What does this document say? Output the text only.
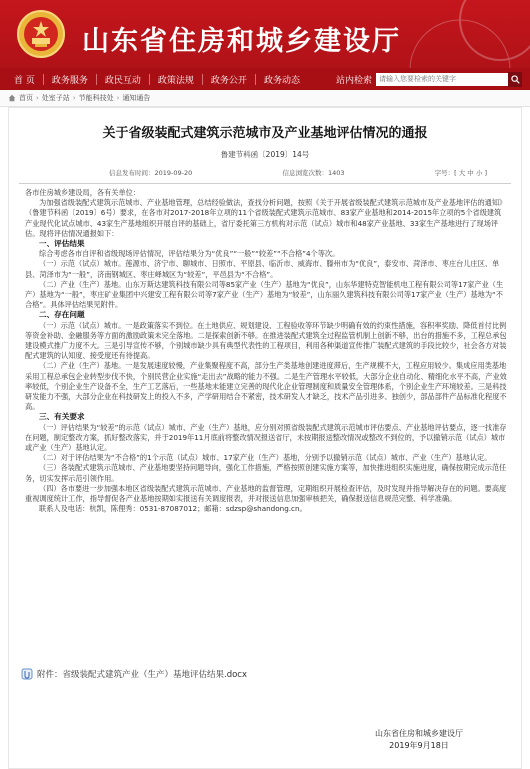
山东省住房和城乡建设厅
首 页	政务服务	政民互动	政策法规	政务公开	政务动态	站内检索
请输入您要检索的关键字
首页 › 处室子站 › 节能科技处 › 通知通告
关于省级装配式建筑示范城市及产业基地评估情况的通报
鲁建节科函〔2019〕14号
信息发布时间：2019-09-20	信息浏览次数：1403	字号：[ 大 中 小 ]

各市住房城乡建设局，各有关单位：

为加强省级装配式建筑示范城市、产业基地管理，总结经验做法，查找分析问题，按照《关于开展省级装配式建筑示范城市及产业基地评估的通知》（鲁建节科函〔2019〕6号）要求，在各市对2017-2018年立项的11个省级装配式建筑示范城市、83家产业基地和2014-2015年立项的5个省级建筑产业现代化试点城市、43家生产基地组织开展自评的基础上，省厅委托第三方机构对示范（试点）城市和48家产业基地、33家生产基地进行了现场评估。现将评估情况通报如下：

一、评估结果

综合考虑各市自评和省级现场评估情况，评估结果分为“优良”“一般”“较差”“不合格”4个等次。

（一）示范（试点）城市。莲源市、济宁市、聊城市、日照市、平原县、临沂市、威海市、滕州市为“优良”，泰安市、菏泽市、枣庄台儿庄区、单县、菏泽市为“一般”，济南钢城区、枣庄峄城区为“较差”，平邑县为“不合格”。

（二）产业（生产）基地。山东万斯达建筑科技有限公司等85家产业（生产）基地为“优良”，山东华建特克智能机电工程有限公司等17家产业（生产）基地为“一般”，枣庄矿业集团中兴建安工程有限公司等7家产业（生产）基地为“较差”，山东丽久建筑科技有限公司等17家产业（生产）基地为“不合格”。具体评估结果见附件。

二、存在问题

（一）示范（试点）城市。一是政策落实不到位。在土地供应、规划建设、工程验收等环节缺少明确有效的约束性措施，容积率奖励、降低首付比例等资金补助、金融服务等方面的激励政策未完全落地。二是探索创新不够。在推进装配式建筑全过程监管机制上创新不够，出台的措施不多，工程总承包建设模式推广力度不大。三是引导宣传不够，个别城市缺少具有典型代表性的工程项目，利用各种渠道宣传推广装配式建筑的手段比较少，社会各方对装配式建筑的认知度、接受度还有待提高。

（二）产业（生产）基地。一是发展速度较慢，产业集聚程度不高，部分生产类基地创建进度滞后，生产规模不大，工程应用较少。集成应用类基地采用工程总承包企业转型步伐不快，个别民营企业实施“走出去”战略的能力不强。二是生产管理水平较低，大部分企业自动化、精细化水平不高，产业效率较低，个别企业生产设备不全，生产工艺落后，一些基地未能建立完善的现代化企业管理制度和质量安全管理体系，个别企业生产环境较差。三是科技研发能力不强，大部分企业在科技研发上的投入不多，产学研用结合不紧密，技术研发人才缺乏，技术产品引进多、独创少，部品部件产品标准化程度不高。

三、有关要求

（一）评估结果为“较差”的示范（试点）城市、产业（生产）基地，应分别对照省级装配式建筑示范城市评估要点、产业基地评估要点，逐一找准存在问题，制定整改方案，抓好整改落实，并于2019年11月底前将整改情况报送省厅，未按期报送整改情况或整改不到位的，予以撤销示范（试点）城市或产业（生产）基地认定。

（二）对于评估结果为“不合格”的1个示范（试点）城市、17家产业（生产）基地，分别予以撤销示范（试点）城市、产业（生产）基地认定。

（三）各装配式建筑示范城市、产业基地要坚持问题导向，强化工作措施，严格按照创建实施方案等，加快推进组织实施进度，确保按期完成示范任务，切实发挥示范引领作用。

（四）各市要进一步加强本地区省级装配式建筑示范城市、产业基地的监督管理，定期组织开展检查评估，及时发现并指导解决存在的问题。要高度重视调度统计工作，指导督促各产业基地按期如实报送有关调度报表，并对报送信息加强审核把关，确保报送信息规范完整、科学准确。

联系人及电话：杭凯，陈俚秀：0531-87087012；邮箱：sdzsp@shandong.cn。

附件：省级装配式建筑产业（生产）基地评估结果.docx
山东省住房和城乡建设厅
2019年9月18日
